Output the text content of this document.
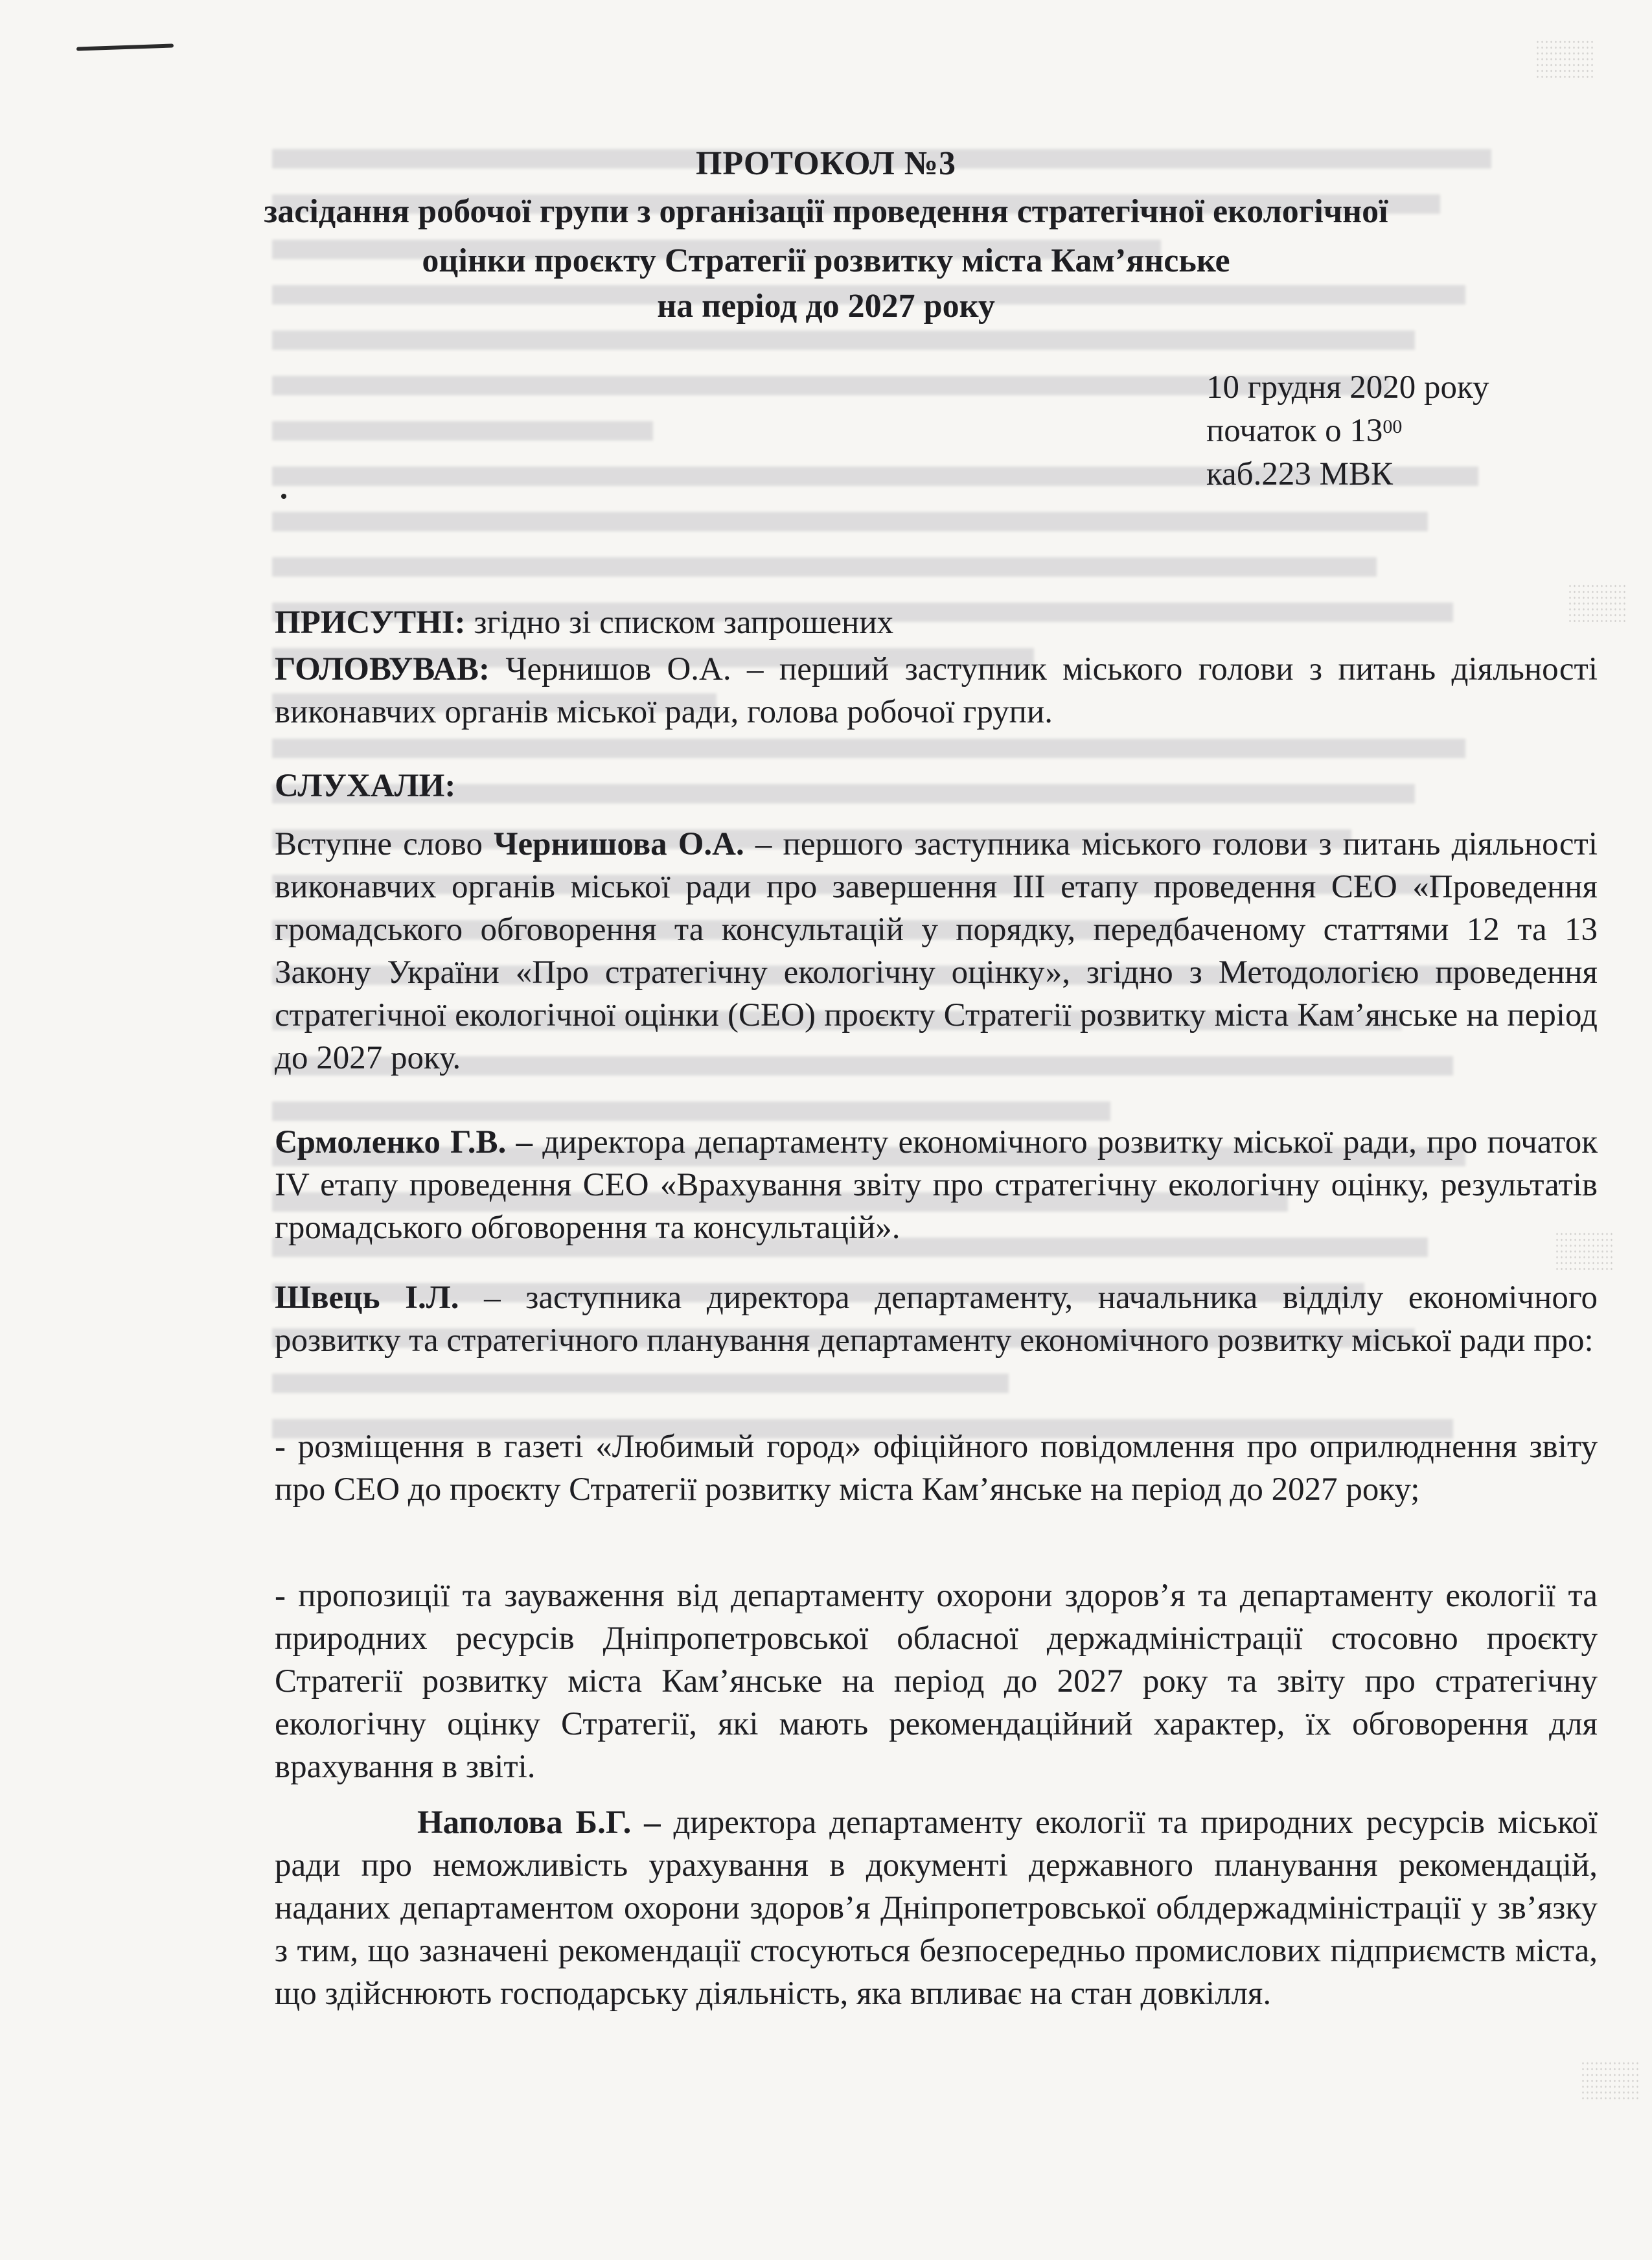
ПРОТОКОЛ №3
засідання робочої групи з організації проведення стратегічної екологічної
оцінки проєкту Стратегії розвитку міста Кам’янське
на період до 2027 року
10 грудня 2020 року
початок о $13^{00}$
каб.223 МВК
ПРИСУТНІ: згідно зі списком запрошених
ГОЛОВУВАВ: Чернишов О.А. – перший заступник міського голови з питань діяльності виконавчих органів міської ради, голова робочої групи.
СЛУХАЛИ:
Вступне слово Чернишова О.А. – першого заступника міського голови з питань діяльності виконавчих органів міської ради про завершення ІІІ етапу проведення СЕО «Проведення громадського обговорення та консультацій у порядку, передбаченому статтями 12 та 13 Закону України «Про стратегічну екологічну оцінку», згідно з Методологією проведення стратегічної екологічної оцінки (СЕО) проєкту Стратегії розвитку міста Кам’янське на період до 2027 року.
Єрмоленко Г.В. – директора департаменту економічного розвитку міської ради, про початок IV етапу проведення СЕО «Врахування звіту про стратегічну екологічну оцінку, результатів громадського обговорення та консультацій».
Швець І.Л. – заступника директора департаменту, начальника відділу економічного розвитку та стратегічного планування департаменту економічного розвитку міської ради про:
- розміщення в газеті «Любимый город» офіційного повідомлення про оприлюднення звіту про СЕО до проєкту Стратегії розвитку міста Кам’янське на період до 2027 року;
- пропозиції та зауваження від департаменту охорони здоров’я та департаменту екології та природних ресурсів Дніпропетровської обласної держадміністрації стосовно проєкту Стратегії розвитку міста Кам’янське на період до 2027 року та звіту про стратегічну екологічну оцінку Стратегії, які мають рекомендаційний характер, їх обговорення для врахування в звіті.
Наполова Б.Г. – директора департаменту екології та природних ресурсів міської ради про неможливість урахування в документі державного планування рекомендацій, наданих департаментом охорони здоров’я Дніпропетровської облдержадміністрації у зв’язку з тим, що зазначені рекомендації стосуються безпосередньо промислових підприємств міста, що здійснюють господарську діяльність, яка впливає на стан довкілля.
